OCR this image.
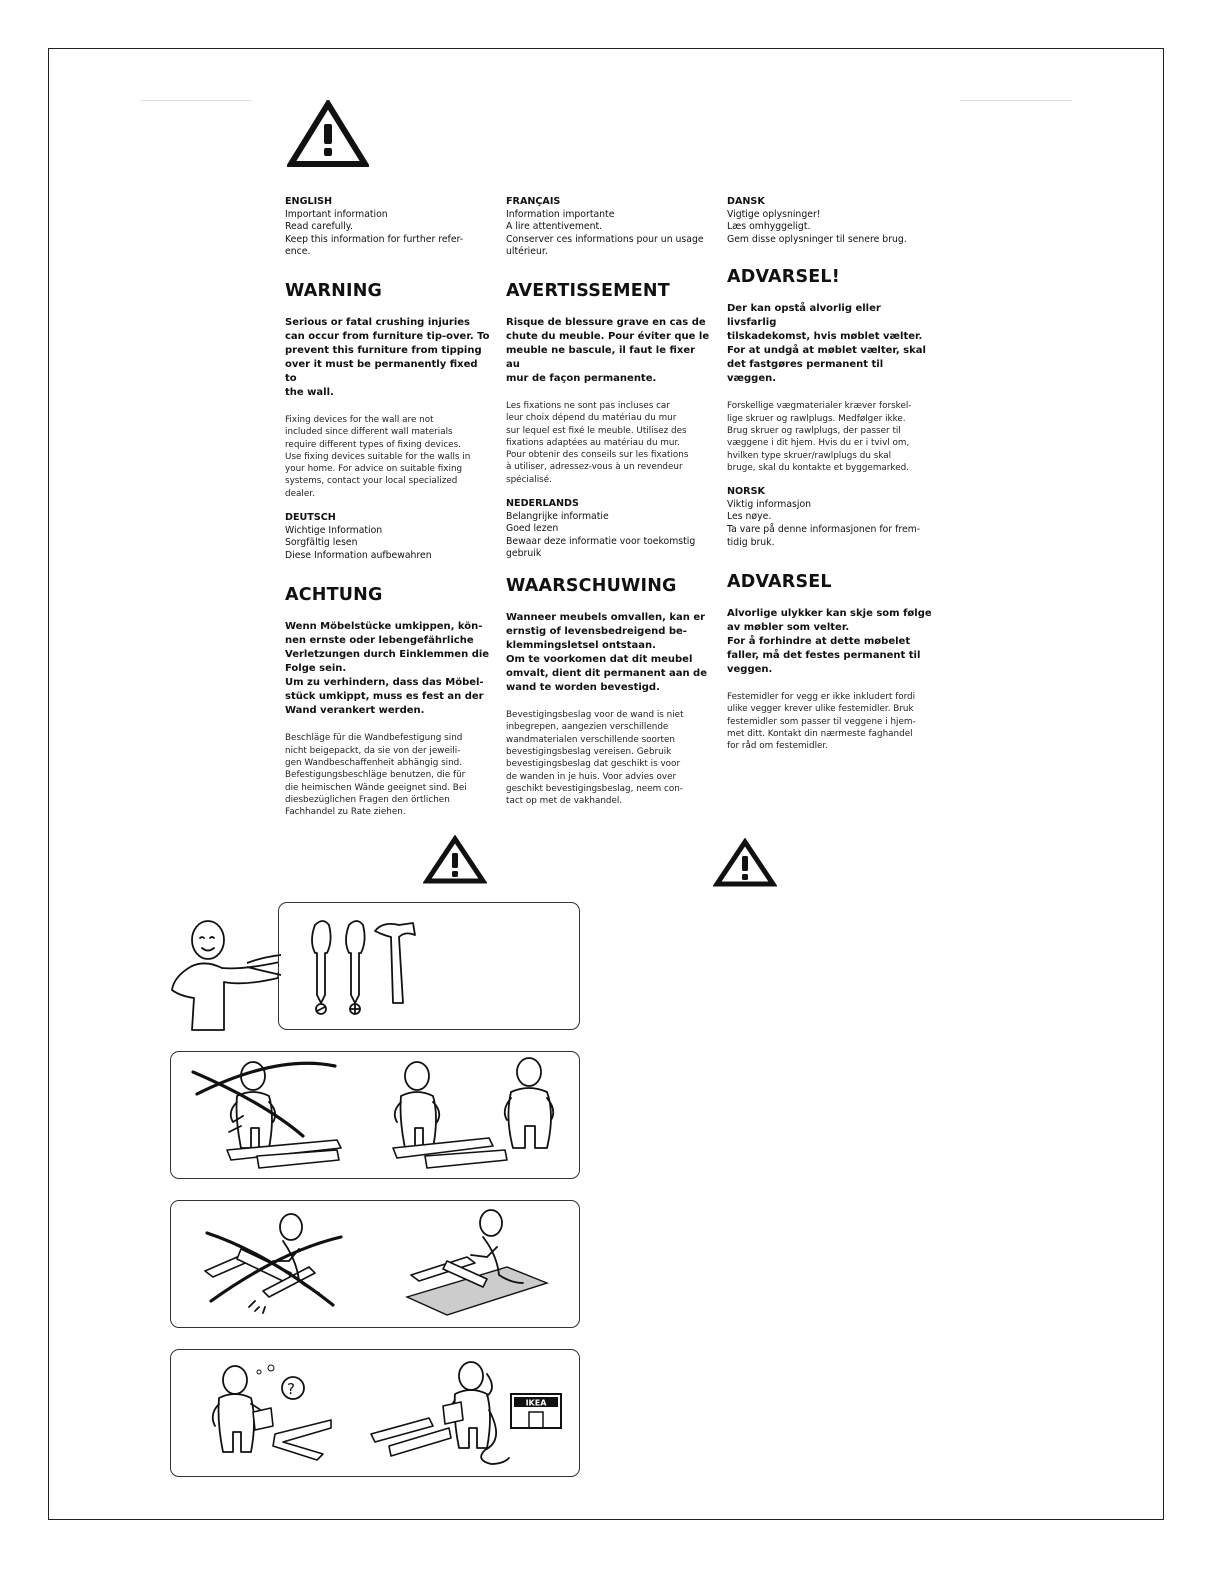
ENGLISH
Important information
Read carefully.
Keep this information for further refer-
ence.
WARNING
Serious or fatal crushing injuries
can occur from furniture tip-over. To
prevent this furniture from tipping
over it must be permanently fixed to
the wall.
Fixing devices for the wall are not
included since different wall materials
require different types of fixing devices.
Use fixing devices suitable for the walls in
your home. For advice on suitable fixing
systems, contact your local specialized
dealer.
DEUTSCH
Wichtige Information
Sorgfältig lesen
Diese Information aufbewahren
ACHTUNG
Wenn Möbelstücke umkippen, kön-
nen ernste oder lebengefährliche
Verletzungen durch Einklemmen die
Folge sein.
Um zu verhindern, dass das Möbel-
stück umkippt, muss es fest an der
Wand verankert werden.
Beschläge für die Wandbefestigung sind
nicht beigepackt, da sie von der jeweili-
gen Wandbeschaffenheit abhängig sind.
Befestigungsbeschläge benutzen, die für
die heimischen Wände geeignet sind. Bei
diesbezüglichen Fragen den örtlichen
Fachhandel zu Rate ziehen.
FRANÇAIS
Information importante
A lire attentivement.
Conserver ces informations pour un usage
ultérieur.
AVERTISSEMENT
Risque de blessure grave en cas de
chute du meuble. Pour éviter que le
meuble ne bascule, il faut le fixer au
mur de façon permanente.
Les fixations ne sont pas incluses car
leur choix dépend du matériau du mur
sur lequel est fixé le meuble. Utilisez des
fixations adaptées au matériau du mur.
Pour obtenir des conseils sur les fixations
à utiliser, adressez-vous à un revendeur
spécialisé.
NEDERLANDS
Belangrijke informatie
Goed lezen
Bewaar deze informatie voor toekomstig
gebruik
WAARSCHUWING
Wanneer meubels omvallen, kan er
ernstig of levensbedreigend be-
klemmingsletsel ontstaan.
Om te voorkomen dat dit meubel
omvalt, dient dit permanent aan de
wand te worden bevestigd.
Bevestigingsbeslag voor de wand is niet
inbegrepen, aangezien verschillende
wandmaterialen verschillende soorten
bevestigingsbeslag vereisen. Gebruik
bevestigingsbeslag dat geschikt is voor
de wanden in je huis. Voor advies over
geschikt bevestigingsbeslag, neem con-
tact op met de vakhandel.
DANSK
Vigtige oplysninger!
Læs omhyggeligt.
Gem disse oplysninger til senere brug.
ADVARSEL!
Der kan opstå alvorlig eller livsfarlig
tilskadekomst, hvis møblet vælter.
For at undgå at møblet vælter, skal
det fastgøres permanent til væggen.
Forskellige vægmaterialer kræver forskel-
lige skruer og rawlplugs. Medfølger ikke.
Brug skruer og rawlplugs, der passer til
væggene i dit hjem. Hvis du er i tvivl om,
hvilken type skruer/rawlplugs du skal
bruge, skal du kontakte et byggemarked.
NORSK
Viktig informasjon
Les nøye.
Ta vare på denne informasjonen for frem-
tidig bruk.
ADVARSEL
Alvorlige ulykker kan skje som følge
av møbler som velter.
For å forhindre at dette møbelet
faller, må det festes permanent til
veggen.
Festemidler for vegg er ikke inkludert fordi
ulike vegger krever ulike festemidler. Bruk
festemidler som passer til veggene i hjem-
met ditt. Kontakt din nærmeste faghandel
for råd om festemidler.
?
IKEA
